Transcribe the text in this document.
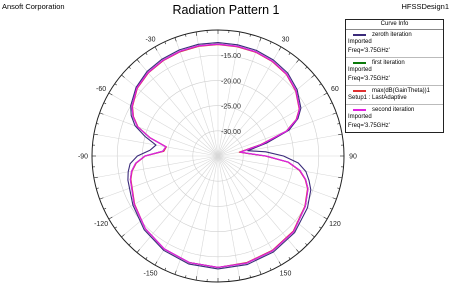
Ansoft Corporation	Radiation Pattern 1	HFSSDesign1
-15.00
-20.00
-25.00
-30.00
30
60
90
120
150
-150
-120
-90
-60
-30
Curve Info
zeroth iteration
Imported
Freq='3.75GHz'
first iteration
Imported
Freq='3.75GHz'
max(dB(GainTheta))1
Setup1 : LastAdaptive
second iteration
Imported
Freq='3.75GHz'
